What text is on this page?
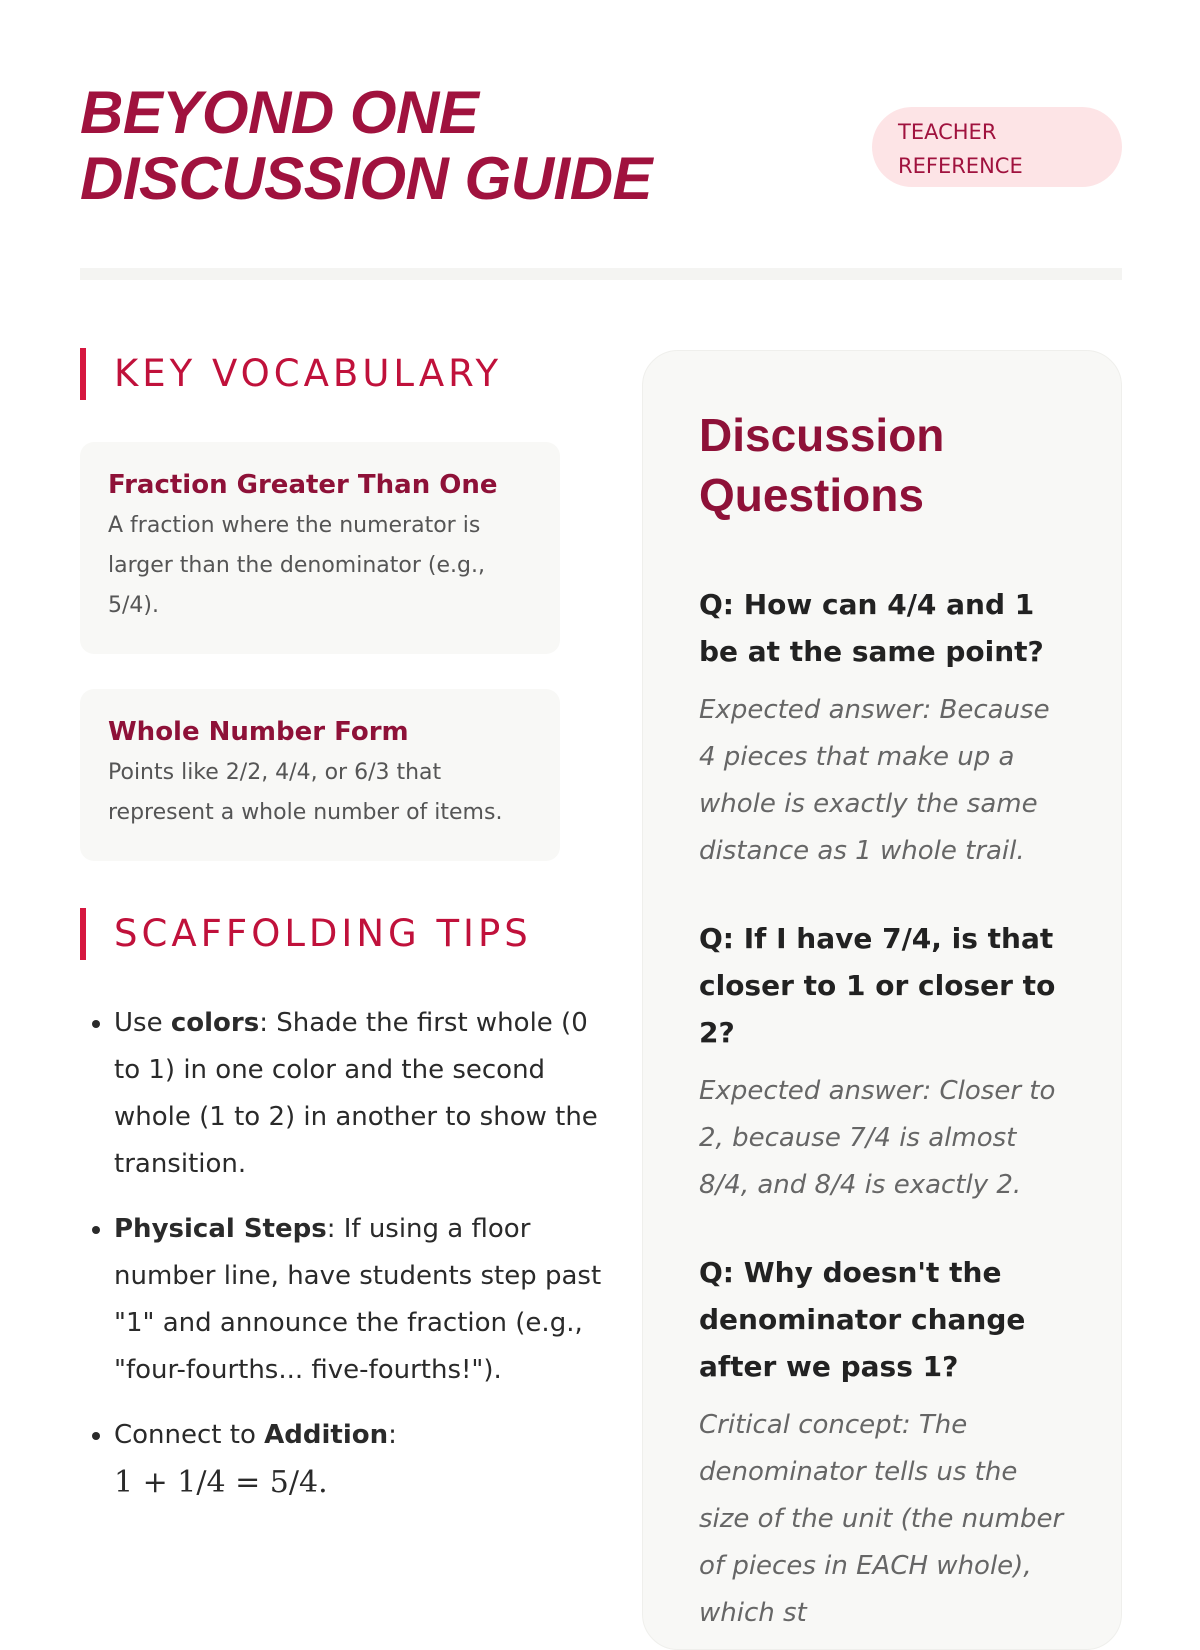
BEYOND ONE
DISCUSSION GUIDE
TEACHER
REFERENCE
KEY VOCABULARY
Fraction Greater Than One

A fraction where the numerator is larger than the denominator (e.g., 5/4).

Whole Number Form

Points like 2/2, 4/4, or 6/3 that represent a whole number of items.

SCAFFOLDING TIPS
• Use colors: Shade the first whole (0 to 1) in one color and the second whole (1 to 2) in another to show the transition.
• Physical Steps: If using a floor number line, have students step past "1" and announce the fraction (e.g., "four-fourths... five-fourths!").
• Connect to Addition:
1 + 1/4 = 5/4.
Discussion Questions

Q: How can 4/4 and 1 be at the same point?

Expected answer: Because 4 pieces that make up a whole is exactly the same distance as 1 whole trail.

Q: If I have 7/4, is that closer to 1 or closer to 2?

Expected answer: Closer to 2, because 7/4 is almost 8/4, and 8/4 is exactly 2.

Q: Why doesn't the denominator change after we pass 1?

Critical concept: The denominator tells us the size of the unit (the number of pieces in EACH whole), which st
